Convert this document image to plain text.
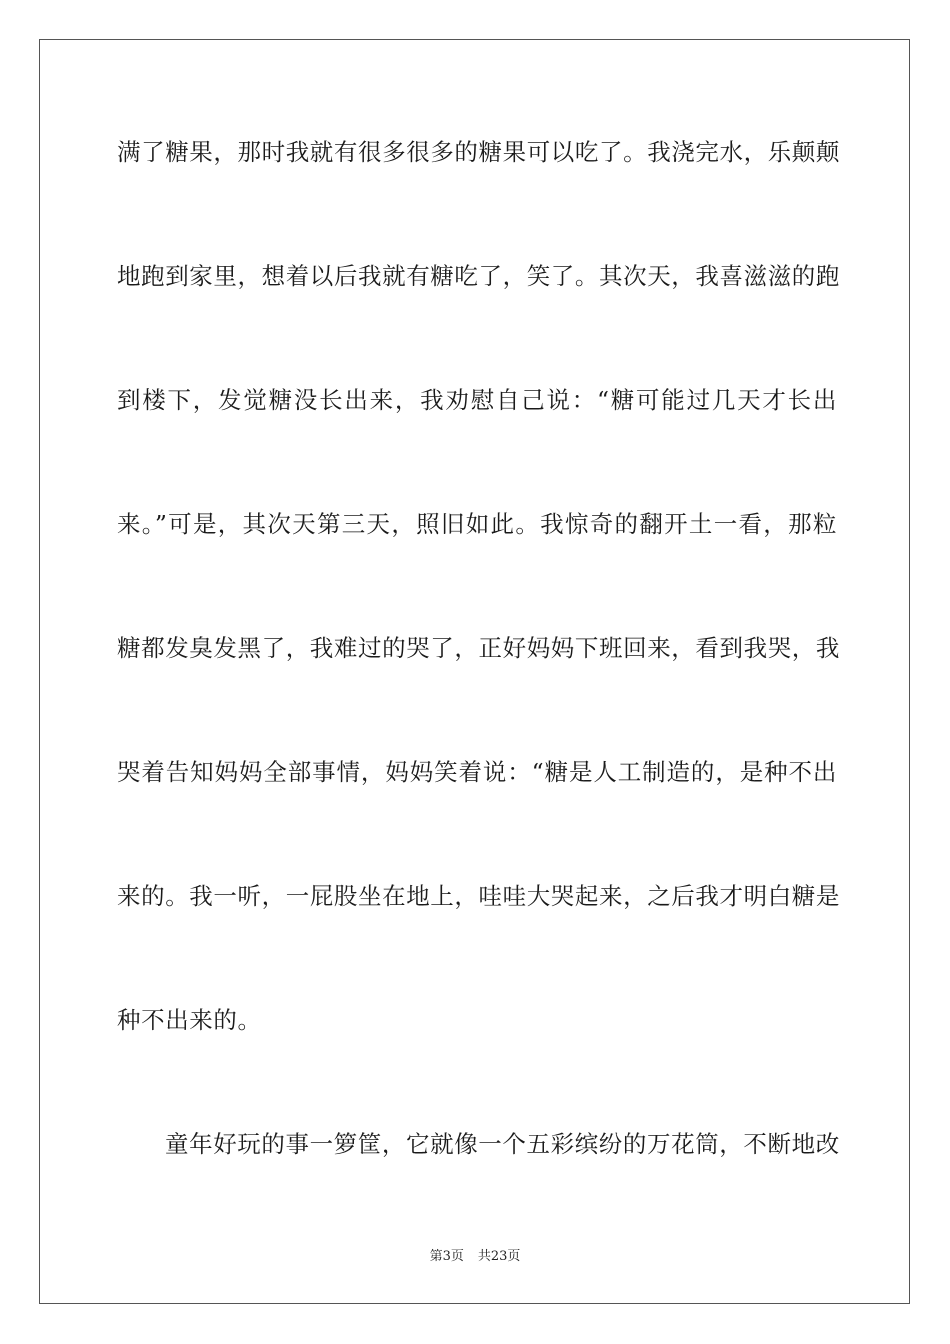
满了糖果，那时我就有很多很多的糖果可以吃了。我浇完水，乐颠颠
地跑到家里，想着以后我就有糖吃了，笑了。其次天，我喜滋滋的跑
到楼下，发觉糖没长出来，我劝慰自己说：“糖可能过几天才长出
来。”可是，其次天第三天，照旧如此。我惊奇的翻开土一看，那粒
糖都发臭发黑了，我难过的哭了，正好妈妈下班回来，看到我哭，我
哭着告知妈妈全部事情，妈妈笑着说：“糖是人工制造的，是种不出
来的。我一听，一屁股坐在地上，哇哇大哭起来，之后我才明白糖是
种不出来的。
童年好玩的事一箩筐，它就像一个五彩缤纷的万花筒，不断地改
第3页 共23页
